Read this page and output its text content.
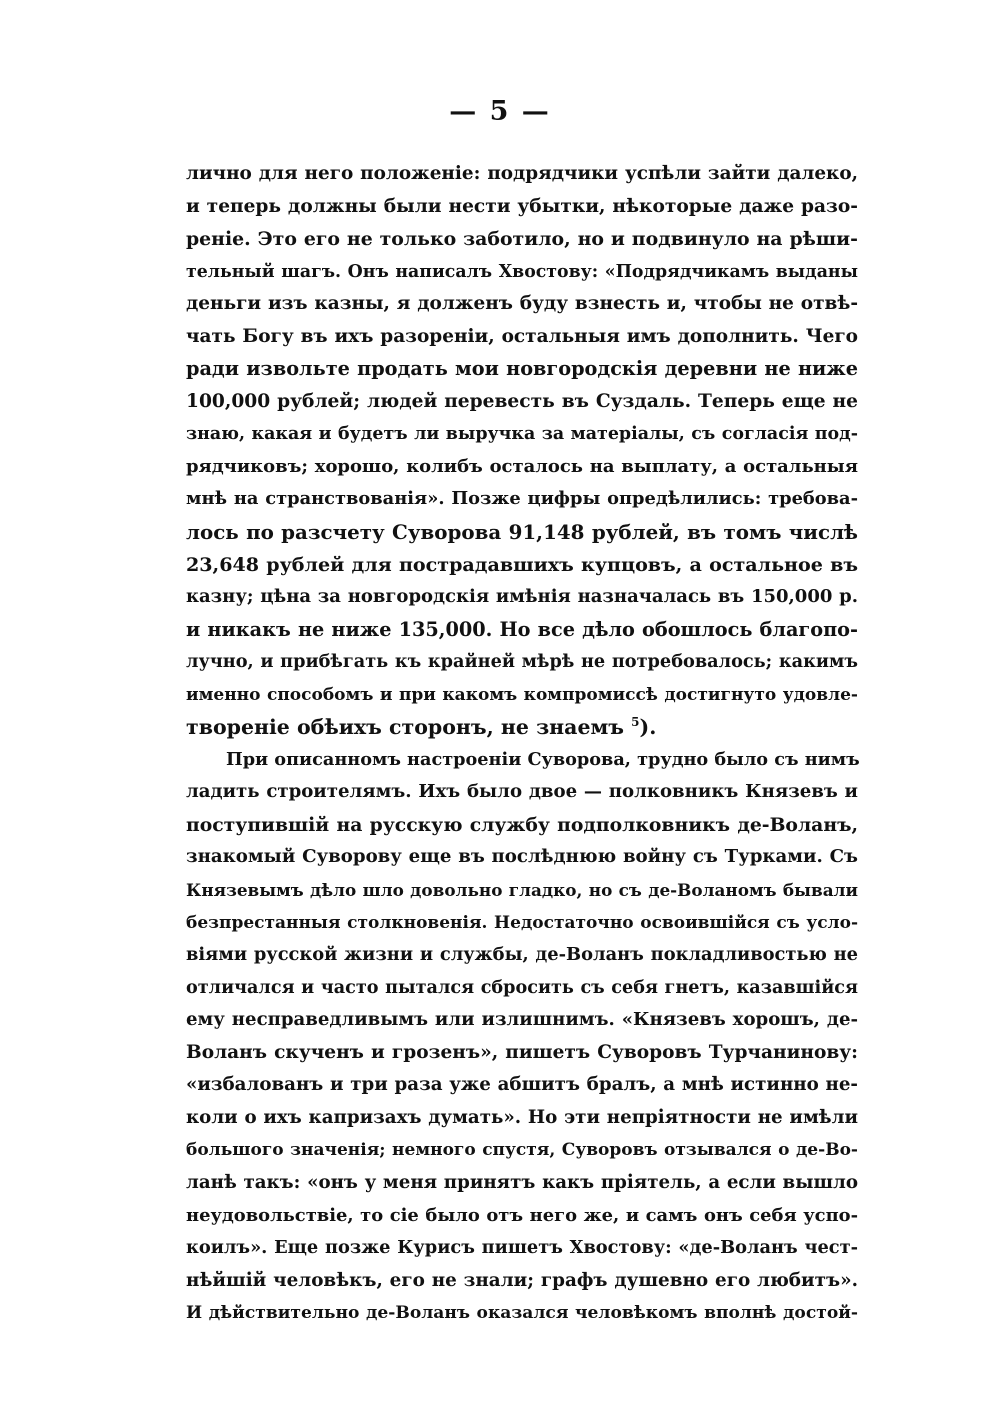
— 5 —
лично для него положенiе: подрядчики успѣли зайти далеко,
и теперь должны были нести убытки, нѣкоторые даже разо-
ренiе. Это его не только заботило, но и подвинуло на рѣши-
тельный шагъ. Онъ написалъ Хвостову: «Подрядчикамъ выданы
деньги изъ казны, я долженъ буду взнесть и, чтобы не отвѣ-
чать Богу въ ихъ разореніи, остальныя имъ дополнить. Чего
ради извольте продать мои новгородскія деревни не ниже
100,000 рублей; людей перевесть въ Суздаль. Теперь еще не
знаю, какая и будетъ ли выручка за матеріалы, съ согласія под-
рядчиковъ; хорошо, колибъ осталось на выплату, а остальныя
мнѣ на странствованія». Позже цифры опредѣлились: требова-
лось по разсчету Суворова 91,148 рублей, въ томъ числѣ
23,648 рублей для пострадавшихъ купцовъ, а остальное въ
казну; цѣна за новгородскія имѣнія назначалась въ 150,000 р.
и никакъ не ниже 135,000. Но все дѣло обошлось благопо-
лучно, и прибѣгать къ крайней мѣрѣ не потребовалось; какимъ
именно способомъ и при какомъ компромиссѣ достигнуто удовле-
творенiе обѣихъ сторонъ, не знаемъ $^5$).
При описанномъ настроеніи Суворова, трудно было съ нимъ
ладить строителямъ. Ихъ было двое — полковникъ Князевъ и
поступившій на русскую службу подполковникъ де-Воланъ,
знакомый Суворову еще въ послѣднюю войну съ Турками. Съ
Князевымъ дѣло шло довольно гладко, но съ де-Воланомъ бывали
безпрестанныя столкновенія. Недостаточно освоившійся съ усло-
віями русской жизни и службы, де-Воланъ покладливостью не
отличался и часто пытался сбросить съ себя гнетъ, казавшійся
ему несправедливымъ или излишнимъ. «Князевъ хорошъ, де-
Воланъ скученъ и грозенъ», пишетъ Суворовъ Турчанинову:
«избалованъ и три раза уже абшитъ бралъ, а мнѣ истинно не-
коли о ихъ капризахъ думать». Но эти непріятности не имѣли
большого значенія; немного спустя, Суворовъ отзывался о де-Во-
ланѣ такъ: «онъ у меня принятъ какъ пріятель, а если вышло
неудовольствіе, то сіе было отъ него же, и самъ онъ себя успо-
коилъ». Еще позже Курисъ пишетъ Хвостову: «де-Воланъ чест-
нѣйшій человѣкъ, его не знали; графъ душевно его любитъ».
И дѣйствительно де-Воланъ оказался человѣкомъ вполнѣ достой-
